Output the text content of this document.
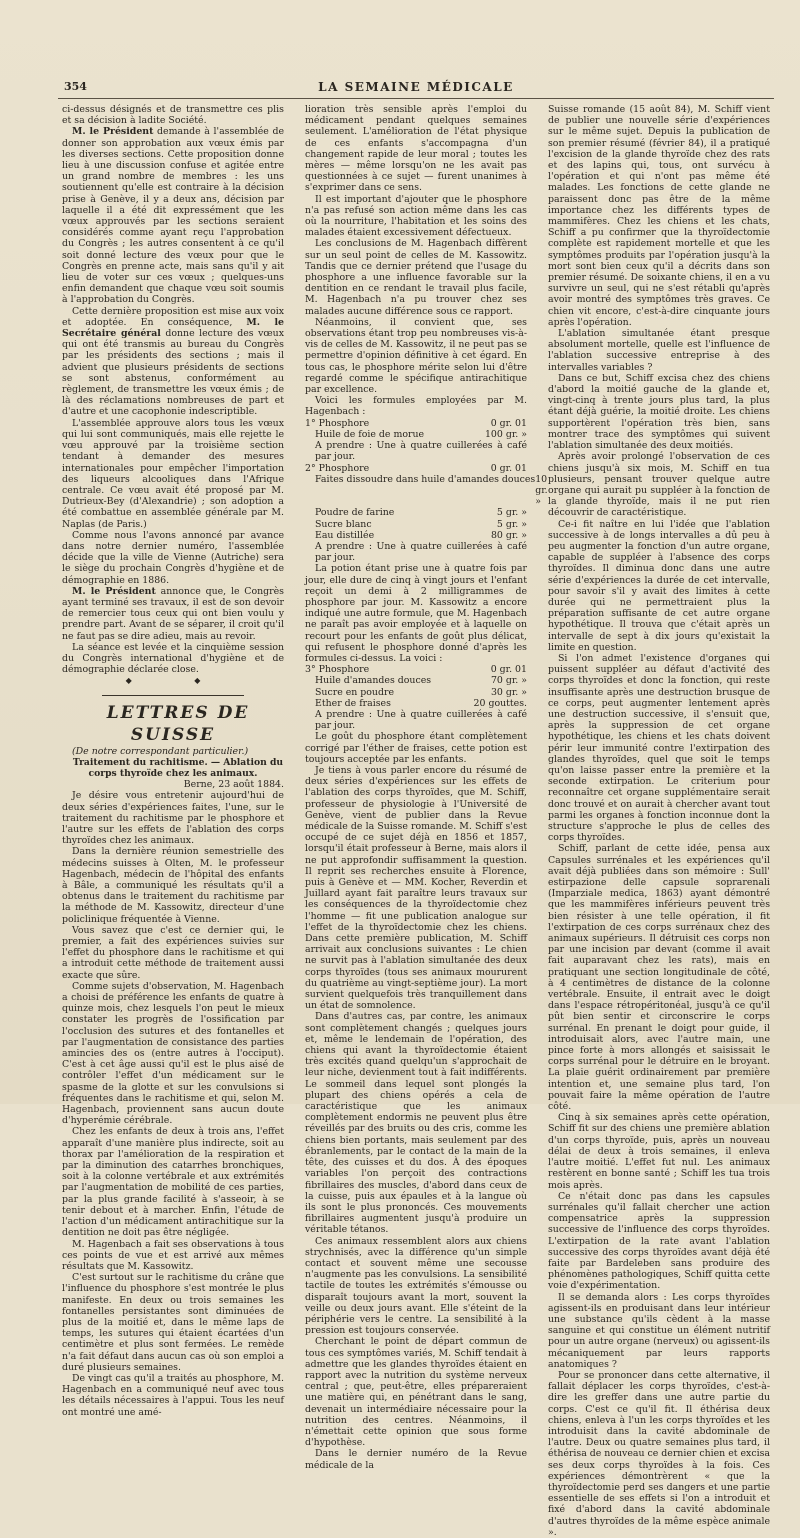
354	LA SEMAINE MÉDICALE

ci-dessus désignés et de transmettre ces plis et sa décision à ladite Société.

M. le Président demande à l'assemblée de donner son approbation aux vœux émis par les diverses sections. Cette proposition donne lieu à une discussion confuse et agitée entre un grand nombre de membres : les uns soutiennent qu'elle est contraire à la décision prise à Genève, il y a deux ans, décision par laquelle il a été dit expressément que les vœux approuvés par les sections seraient considérés comme ayant reçu l'approbation du Congrès ; les autres consentent à ce qu'il soit donné lecture des vœux pour que le Congrès en prenne acte, mais sans qu'il y ait lieu de voter sur ces vœux ; quelques-uns enfin demandent que chaque vœu soit soumis à l'approbation du Congrès.

Cette dernière proposition est mise aux voix et adoptée. En conséquence, M. le Secrétaire général donne lecture des vœux qui ont été transmis au bureau du Congrès par les présidents des sections ; mais il advient que plusieurs présidents de sections se sont abstenus, conformément au règlement, de transmettre les vœux émis ; de là des réclamations nombreuses de part et d'autre et une cacophonie indescriptible.

L'assemblée approuve alors tous les vœux qui lui sont communiqués, mais elle rejette le vœu approuvé par la troisième section tendant à demander des mesures internationales pour empêcher l'importation des liqueurs alcooliques dans l'Afrique centrale. Ce vœu avait été proposé par M. Dutrieux-Bey (d'Alexandrie) ; son adoption a été combattue en assemblée générale par M. Naplas (de Paris.)

Comme nous l'avons annoncé par avance dans notre dernier numéro, l'assemblée décide que la ville de Vienne (Autriche) sera le siège du prochain Congrès d'hygiène et de démographie en 1886.

M. le Président annonce que, le Congrès ayant terminé ses travaux, il est de son devoir de remercier tous ceux qui ont bien voulu y prendre part. Avant de se séparer, il croit qu'il ne faut pas se dire adieu, mais au revoir.

La séance est levée et la cinquième session du Congrès international d'hygiène et de démographie déclarée close.

◆ ◆

LETTRES DE SUISSE

(De notre correspondant particulier.)

Traitement du rachitisme. — Ablation du corps thyroïde chez les animaux.

Berne, 23 août 1884.

Je désire vous entretenir aujourd'hui de deux séries d'expériences faites, l'une, sur le traitement du rachitisme par le phosphore et l'autre sur les effets de l'ablation des corps thyroïdes chez les animaux.

Dans la dernière réunion semestrielle des médecins suisses à Olten, M. le professeur Hagenbach, médecin de l'hôpital des enfants à Bâle, a communiqué les résultats qu'il a obtenus dans le traitement du rachitisme par la méthode de M. Kassowitz, directeur d'une policlinique fréquentée à Vienne.

Vous savez que c'est ce dernier qui, le premier, a fait des expériences suivies sur l'effet du phosphore dans le rachitisme et qui a introduit cette méthode de traitement aussi exacte que sûre.

Comme sujets d'observation, M. Hagenbach a choisi de préférence les enfants de quatre à quinze mois, chez lesquels l'on peut le mieux constater les progrès de l'ossification par l'occlusion des sutures et des fontanelles et par l'augmentation de consistance des parties amincies des os (entre autres à l'occiput). C'est à cet âge aussi qu'il est le plus aisé de contrôler l'effet d'un médicament sur le spasme de la glotte et sur les convulsions si fréquentes dans le rachitisme et qui, selon M. Hagenbach, proviennent sans aucun doute d'hyperémie cérébrale.

Chez les enfants de deux à trois ans, l'effet apparaît d'une manière plus indirecte, soit au thorax par l'amélioration de la respiration et par la diminution des catarrhes bronchiques, soit à la colonne vertébrale et aux extrémités par l'augmentation de mobilité de ces parties, par la plus grande facilité à s'asseoir, à se tenir debout et à marcher. Enfin, l'étude de l'action d'un médicament antirachitique sur la dentition ne doit pas être négligée.

M. Hagenbach a fait ses observations à tous ces points de vue et est arrivé aux mêmes résultats que M. Kassowitz.

C'est surtout sur le rachitisme du crâne que l'influence du phosphore s'est montrée le plus manifeste. En deux ou trois semaines les fontanelles persistantes sont diminuées de plus de la moitié et, dans le même laps de temps, les sutures qui étaient écartées d'un centimètre et plus sont fermées. Le remède n'a fait défaut dans aucun cas où son emploi a duré plusieurs semaines.

De vingt cas qu'il a traités au phosphore, M. Hagenbach en a communiqué neuf avec tous les détails nécessaires à l'appui. Tous les neuf ont montré une amé-

lioration très sensible après l'emploi du médicament pendant quelques semaines seulement. L'amélioration de l'état physique de ces enfants s'accompagna d'un changement rapide de leur moral ; toutes les mères — même lorsqu'on ne les avait pas questionnées à ce sujet — furent unanimes à s'exprimer dans ce sens.

Il est important d'ajouter que le phosphore n'a pas refusé son action même dans les cas où la nourriture, l'habitation et les soins des malades étaient excessivement défectueux.

Les conclusions de M. Hagenbach diffèrent sur un seul point de celles de M. Kassowitz. Tandis que ce dernier prétend que l'usage du phosphore a une influence favorable sur la dentition en ce rendant le travail plus facile, M. Hagenbach n'a pu trouver chez ses malades aucune différence sous ce rapport.

Néanmoins, il convient que, ses observations étant trop peu nombreuses vis-à-vis de celles de M. Kassowitz, il ne peut pas se permettre d'opinion définitive à cet égard. En tous cas, le phosphore mérite selon lui d'être regardé comme le spécifique antirachitique par excellence.

Voici les formules employées par M. Hagenbach :

1° Phosphore	0 gr. 01
Huile de foie de morue	100 gr. »

A prendre : Une à quatre cuillerées à café par jour.

2° Phosphore	0 gr. 01
Faites dissoudre dans huile d'amandes douces 10 gr. »
Poudre de farine	5 gr. »
Sucre blanc	5 gr. »
Eau distillée	80 gr. »

A prendre : Une à quatre cuillerées à café par jour.

La potion étant prise une à quatre fois par jour, elle dure de cinq à vingt jours et l'enfant reçoit un demi à 2 milligrammes de phosphore par jour. M. Kassowitz a encore indiqué une autre formule, que M. Hagenbach ne paraît pas avoir employée et à laquelle on recourt pour les enfants de goût plus délicat, qui refusent le phosphore donné d'après les formules ci-dessus. La voici :

3° Phosphore	0 gr. 01
Huile d'amandes douces	70 gr. »
Sucre en poudre	30 gr. »
Ether de fraises	20 gouttes.

A prendre : Une à quatre cuillerées à café par jour.

Le goût du phosphore étant complètement corrigé par l'éther de fraises, cette potion est toujours acceptée par les enfants.

Je tiens à vous parler encore du résumé de deux séries d'expériences sur les effets de l'ablation des corps thyroïdes, que M. Schiff, professeur de physiologie à l'Université de Genève, vient de publier dans la Revue médicale de la Suisse romande. M. Schiff s'est occupé de ce sujet déjà en 1856 et 1857, lorsqu'il était professeur à Berne, mais alors il ne put approfondir suffisamment la question. Il reprit ses recherches ensuite à Florence, puis à Genève et — MM. Kocher, Reverdin et Juillard ayant fait paraître leurs travaux sur les conséquences de la thyroïdectomie chez l'homme — fit une publication analogue sur l'effet de la thyroïdectomie chez les chiens. Dans cette première publication, M. Schiff arrivait aux conclusions suivantes : Le chien ne survit pas à l'ablation simultanée des deux corps thyroïdes (tous ses animaux moururent du quatrième au vingt-septième jour). La mort survient quelquefois très tranquillement dans un état de somnolence.

Dans d'autres cas, par contre, les animaux sont complètement changés ; quelques jours et, même le lendemain de l'opération, des chiens qui avant la thyroïdectomie étaient très excités quand quelqu'un s'approchait de leur niche, devienment tout à fait indifférents. Le sommeil dans lequel sont plongés la plupart des chiens opérés a cela de caractéristique que les animaux complètement endormis ne peuvent plus être réveillés par des bruits ou des cris, comme les chiens bien portants, mais seulement par des ébranlements, par le contact de la main de la tête, des cuisses et du dos. À des époques variables l'on perçoit des contractions fibrillaires des muscles, d'abord dans ceux de la cuisse, puis aux épaules et à la langue où ils sont le plus prononcés. Ces mouvements fibrillaires augmentent jusqu'à produire un véritable tétanos.

Ces animaux ressemblent alors aux chiens strychnisés, avec la différence qu'un simple contact et souvent même une secousse n'augmente pas les convulsions. La sensibilité tactile de toutes les extrémités s'émousse ou disparaît toujours avant la mort, souvent la veille ou deux jours avant. Elle s'éteint de la périphérie vers le centre. La sensibilité à la pression est toujours conservée.

Cherchant le point de départ commun de tous ces symptômes variés, M. Schiff tendait à admettre que les glandes thyroïdes étaient en rapport avec la nutrition du système nerveux central ; que, peut-être, elles prépareraient une matière qui, en pénétrant dans le sang, devenait un intermédiaire nécessaire pour la nutrition des centres. Néanmoins, il n'émettait cette opinion que sous forme d'hypothèse.

Dans le dernier numéro de la Revue médicale de la

Suisse romande (15 août 84), M. Schiff vient de publier une nouvelle série d'expériences sur le même sujet. Depuis la publication de son premier résumé (février 84), il a pratiqué l'excision de la glande thyroïde chez des rats et des lapins qui, tous, ont survécu à l'opération et qui n'ont pas même été malades. Les fonctions de cette glande ne paraissent donc pas être de la même importance chez les différents types de mammifères. Chez les chiens et les chats, Schiff a pu confirmer que la thyroïdectomie complète est rapidement mortelle et que les symptômes produits par l'opération jusqu'à la mort sont bien ceux qu'il a décrits dans son premier résumé. De soixante chiens, il en a vu survivre un seul, qui ne s'est rétabli qu'après avoir montré des symptômes très graves. Ce chien vit encore, c'est-à-dire cinquante jours après l'opération.

L'ablation simultanée étant presque absolument mortelle, quelle est l'influence de l'ablation successive entreprise à des intervalles variables ?

Dans ce but, Schiff excisa chez des chiens d'abord la moitié gauche de la glande et, vingt-cinq à trente jours plus tard, la plus étant déjà guérie, la moitié droite. Les chiens supportèrent l'opération très bien, sans montrer trace des symptômes qui suivent l'ablation simultanée des deux moitiés.

Après avoir prolongé l'observation de ces chiens jusqu'à six mois, M. Schiff en tua plusieurs, pensant trouver quelque autre organe qui aurait pu suppléer à la fonction de la glande thyroïde, mais il ne put rien découvrir de caractéristique.

Ce-i fit naître en lui l'idée que l'ablation successive à de longs intervalles a dû peu à peu augmenter la fonction d'un autre organe, capable de suppléer à l'absence des corps thyroïdes. Il diminua donc dans une autre série d'expériences la durée de cet intervalle, pour savoir s'il y avait des limites à cette durée qui ne permettraient plus la préparation suffisante de cet autre organe hypothétique. Il trouva que c'était après un intervalle de sept à dix jours qu'existait la limite en question.

Si l'on admet l'existence d'organes qui puissent suppléer au défaut d'activité des corps thyroïdes et donc la fonction, qui reste insuffisante après une destruction brusque de ce corps, peut augmenter lentement après une destruction successive, il s'ensuit que, après la suppression de cet organe hypothétique, les chiens et les chats doivent périr leur immunité contre l'extirpation des glandes thyroïdes, quel que soit le temps qu'on laisse passer entre la première et la seconde extirpation. Le criterium pour reconnaître cet organe supplémentaire serait donc trouvé et on aurait à chercher avant tout parmi les organes à fonction inconnue dont la structure s'approche le plus de celles des corps thyroïdes.

Schiff, parlant de cette idée, pensa aux Capsules surrénales et les expériences qu'il avait déjà publiées dans son mémoire : Sull' estirpazione delle capsule soprarenali (Imparziale medica, 1863) ayant démontré que les mammifères inférieurs peuvent très bien résister à une telle opération, il fit l'extirpation de ces corps surrénaux chez des animaux supérieurs. Il détruisit ces corps non par une incision par devant (comme il avait fait auparavant chez les rats), mais en pratiquant une section longitudinale de côté, à 4 centimètres de distance de la colonne vertébrale. Ensuite, il entrait avec le doigt dans l'espace rétropéritonéal, jusqu'à ce qu'il pût bien sentir et circonscrire le corps surrénal. En prenant le doigt pour guide, il introduisait alors, avec l'autre main, une pince forte à mors allongés et saisissait le corps surrénal pour le détruire en le broyant. La plaie guérit ordinairement par première intention et, une semaine plus tard, l'on pouvait faire la même opération de l'autre côté.

Cinq à six semaines après cette opération, Schiff fit sur des chiens une première ablation d'un corps thyroïde, puis, après un nouveau délai de deux à trois semaines, il enleva l'autre moitié. L'effet fut nul. Les animaux restèrent en bonne santé ; Schiff les tua trois mois après.

Ce n'était donc pas dans les capsules surrénales qu'il fallait chercher une action compensatrice après la suppression successive de l'influence des corps thyroïdes. L'extirpation de la rate avant l'ablation successive des corps thyroïdes avant déjà été faite par Bardeleben sans produire des phénomènes pathologiques, Schiff quitta cette voie d'expérimentation.

Il se demanda alors : Les corps thyroïdes agissent-ils en produisant dans leur intérieur une substance qu'ils cèdent à la masse sanguine et qui constitue un élément nutritif pour un autre organe (nerveux) ou agissent-ils mécaniquement par leurs rapports anatomiques ?

Pour se prononcer dans cette alternative, il fallait déplacer les corps thyroïdes, c'est-à-dire les greffer dans une autre partie du corps. C'est ce qu'il fit. Il éthérisa deux chiens, enleva à l'un les corps thyroïdes et les introduisit dans la cavité abdominale de l'autre. Deux ou quatre semaines plus tard, il éthérisa de nouveau ce dernier chien et excisa ses deux corps thyroïdes à la fois. Ces expériences démontrèrent « que la thyroïdectomie perd ses dangers et une partie essentielle de ses effets si l'on a introduit et fixé d'abord dans la cavité abdominale d'autres thyroïdes de la même espèce animale ».
